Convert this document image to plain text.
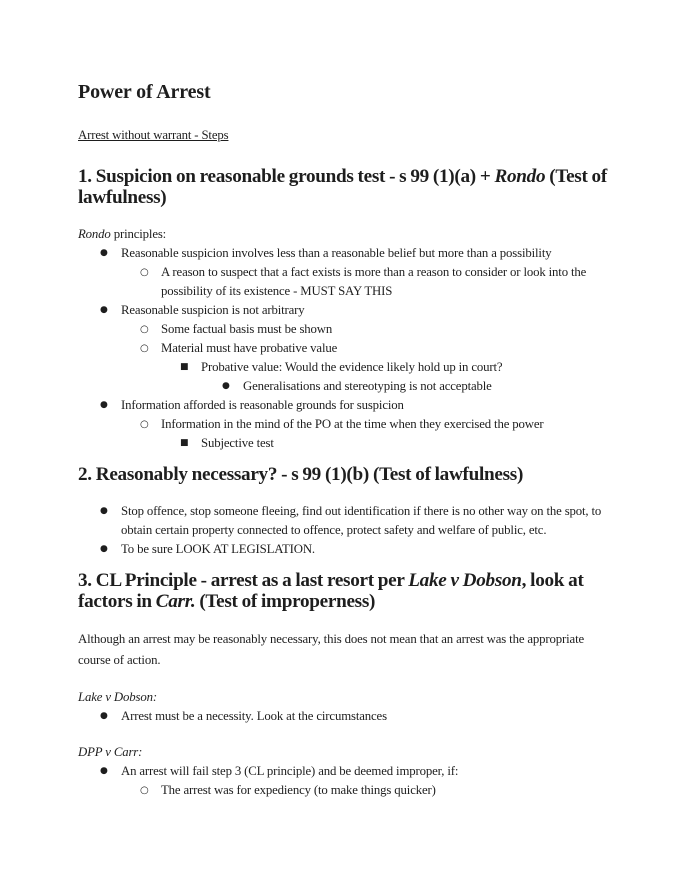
Power of Arrest
Arrest without warrant - Steps
1. Suspicion on reasonable grounds test - s 99 (1)(a) + Rondo (Test of lawfulness)
Rondo principles:
●	Reasonable suspicion involves less than a reasonable belief but more than a possibility
○ A reason to suspect that a fact exists is more than a reason to consider or look into the possibility of its existence - MUST SAY THIS
●	Reasonable suspicion is not arbitrary
○ Some factual basis must be shown
○ Material must have probative value
■ Probative value: Would the evidence likely hold up in court?
●	Generalisations and stereotyping is not acceptable
●	Information afforded is reasonable grounds for suspicion
○ Information in the mind of the PO at the time when they exercised the power
■ Subjective test
2. Reasonably necessary? - s 99 (1)(b) (Test of lawfulness)
●	Stop offence, stop someone fleeing, find out identification if there is no other way on the spot, to obtain certain property connected to offence, protect safety and welfare of public, etc.
●	To be sure LOOK AT LEGISLATION.
3. CL Principle - arrest as a last resort per Lake v Dobson, look at factors in Carr. (Test of improperness)

Although an arrest may be reasonably necessary, this does not mean that an arrest was the appropriate course of action.

Lake v Dobson:
●	Arrest must be a necessity. Look at the circumstances
DPP v Carr:
●	An arrest will fail step 3 (CL principle) and be deemed improper, if:
○ The arrest was for expediency (to make things quicker)
